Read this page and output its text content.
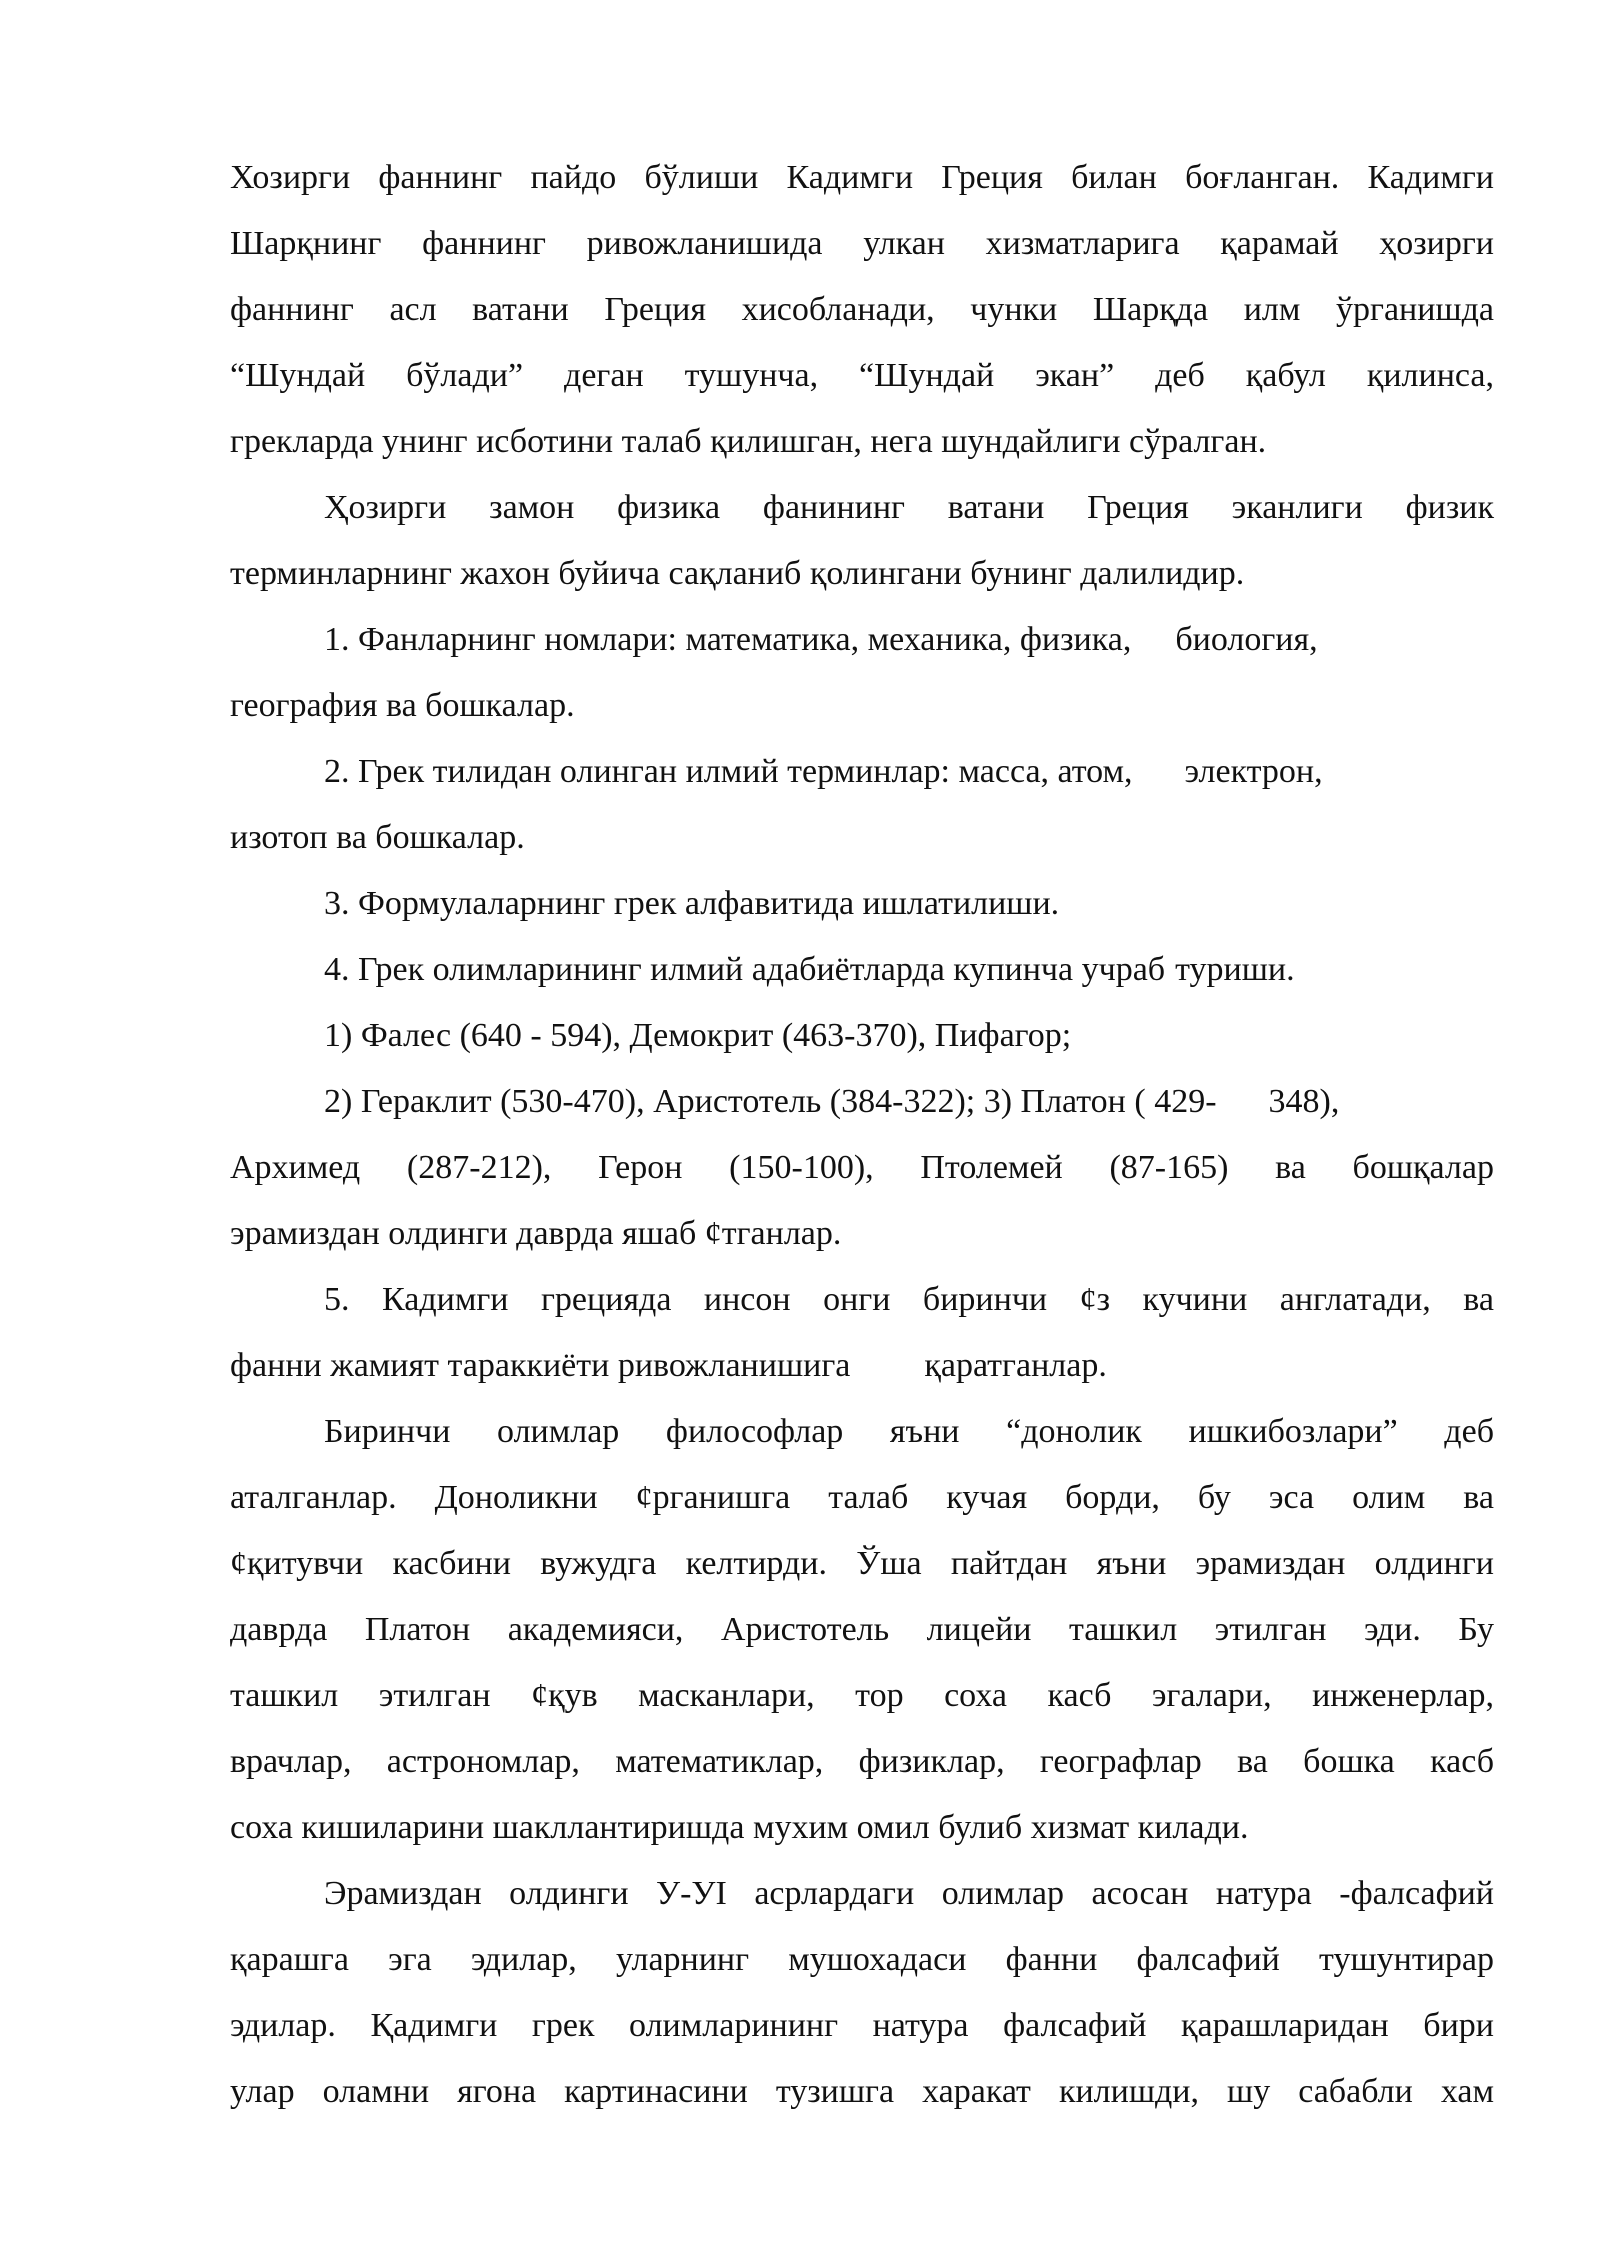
Хозирги фаннинг пайдо бўлиши Кадимги Греция билан боғланган. Кадимги

Шарқнинг фаннинг ривожланишида улкан хизматларига қарамай ҳозирги

фаннинг асл ватани Греция хисобланади, чунки Шарқда илм ўрганишда

“Шундай бўлади” деган тушунча, “Шундай экан” деб қабул қилинса,

грекларда унинг исботини талаб қилишган, нега шундайлиги сўралган.

Ҳозирги замон физика фанининг ватани Греция эканлиги физик

терминларнинг жахон буйича сақланиб қолингани бунинг далилидир.

1. Фанларнинг номлари: математика, механика, физика, биология,

география ва бошкалар.

2. Грек тилидан олинган илмий терминлар: масса, атом, электрон,

изотоп ва бошкалар.

3. Формулаларнинг грек алфавитида ишлатилиши.

4. Грек олимларининг илмий адабиётларда купинча учраб туриши.

1) Фалес (640 - 594), Демокрит (463-370), Пифагор;

2) Гераклит (530-470), Аристотель (384-322); 3) Платон ( 429- 348),

Архимед (287-212), Герон (150-100), Птолемей (87-165) ва бошқалар

эрамиздан олдинги даврда яшаб ¢тганлар.

5. Кадимги грецияда инсон онги биринчи ¢з кучини англатади, ва

фанни жамият тараккиёти ривожланишига қаратганлар.

Биринчи олимлар философлар яъни “донолик ишкибозлари” деб

аталганлар. Доноликни ¢рганишга талаб кучая борди, бу эса олим ва

¢қитувчи касбини вужудга келтирди. Ўша пайтдан яъни эрамиздан олдинги

даврда Платон академияси, Аристотель лицейи ташкил этилган эди. Бу

ташкил этилган ¢қув масканлари, тор соха касб эгалари, инженерлар,

врачлар, астрономлар, математиклар, физиклар, географлар ва бошка касб

соха кишиларини шакллантиришда мухим омил булиб хизмат килади.

Эрамиздан олдинги У-УI асрлардаги олимлар асосан натура -фалсафий

қарашга эга эдилар, уларнинг мушохадаси фанни фалсафий тушунтирар

эдилар. Қадимги грек олимларининг натура фалсафий қарашларидан бири

улар оламни ягона картинасини тузишга харакат килишди, шу сабабли хам
